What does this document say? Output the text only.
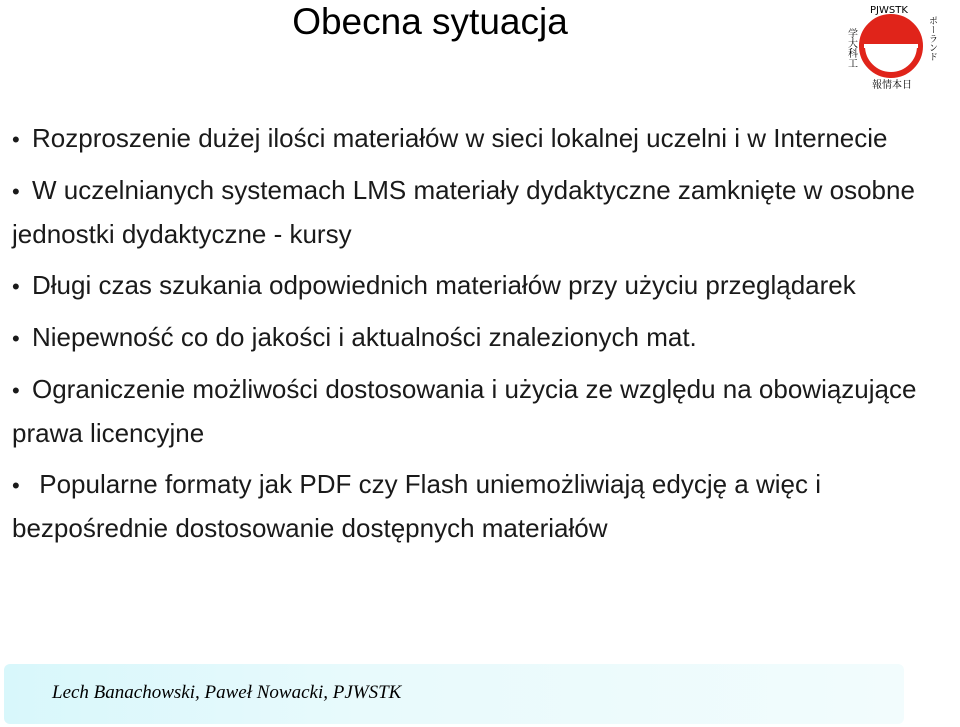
Obecna sytuacja	PJWSTK
学大科工
報情本日
ポーランド
• Rozproszenie dużej ilości materiałów w sieci lokalnej uczelni i w Internecie
• W uczelnianych systemach LMS materiały dydaktyczne zamknięte w osobne jednostki dydaktyczne - kursy
• Długi czas szukania odpowiednich materiałów przy użyciu przeglądarek
• Niepewność co do jakości i aktualności znalezionych mat.
• Ograniczenie możliwości dostosowania i użycia ze względu na obowiązujące prawa licencyjne
• Popularne formaty jak PDF czy Flash uniemożliwiają edycję a więc i bezpośrednie dostosowanie dostępnych materiałów
Lech Banachowski, Paweł Nowacki, PJWSTK
